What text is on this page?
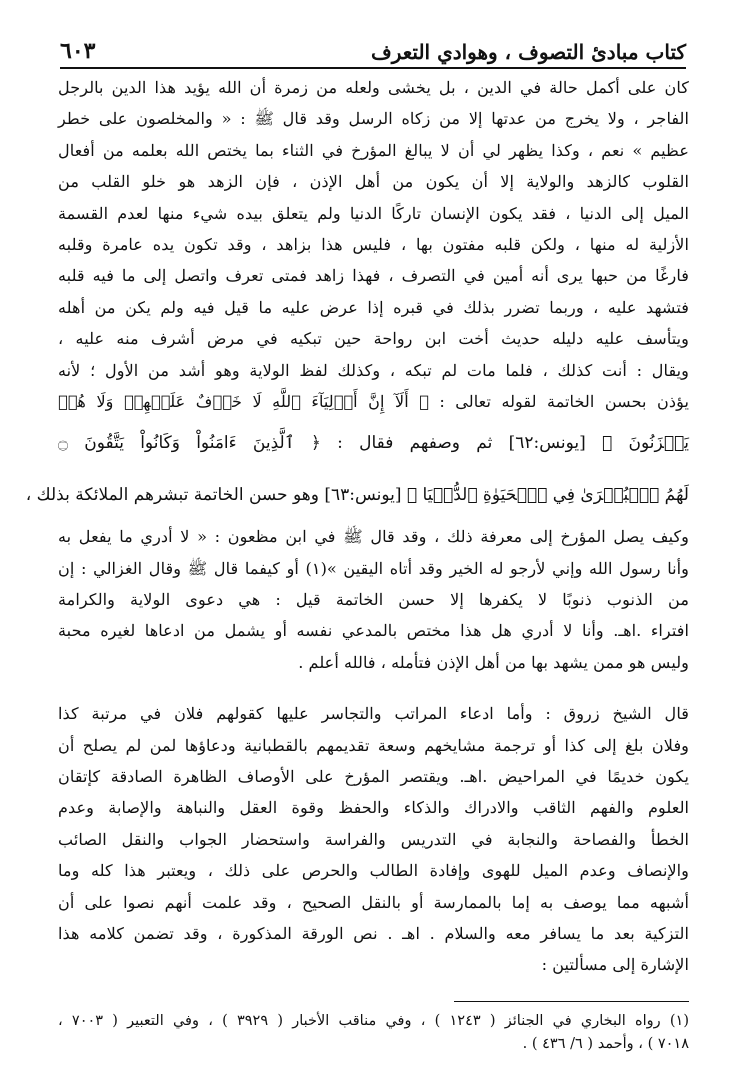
كتاب مبادئ التصوف ، وهوادي التعرف
٦٠٣
كان على أكمل حالة في الدين ، بل يخشى ولعله من زمرة أن الله يؤيد هذا الدين بالرجل
الفاجر ، ولا يخرج من عدتها إلا من زكاه الرسل وقد قال ﷺ : « والمخلصون على خطر
عظيم » نعم ، وكذا يظهر لي أن لا يبالغ المؤرخ في الثناء بما يختص الله بعلمه من أفعال
القلوب كالزهد والولاية إلا أن يكون من أهل الإذن ، فإن الزهد هو خلو القلب من
الميل إلى الدنيا ، فقد يكون الإنسان تاركًا الدنيا ولم يتعلق بيده شيء منها لعدم القسمة
الأزلية له منها ، ولكن قلبه مفتون بها ، فليس هذا بزاهد ، وقد تكون يده عامرة وقلبه
فارغًا من حبها يرى أنه أمين في التصرف ، فهذا زاهد فمتى تعرف واتصل إلى ما فيه قلبه
فتشهد عليه ، وربما تضرر بذلك في قبره إذا عرض عليه ما قيل فيه ولم يكن من أهله
ويتأسف عليه دليله حديث أخت ابن رواحة حين تبكيه في مرض أشرف منه عليه ،
ويقال : أنت كذلك ، فلما مات لم تبكه ، وكذلك لفظ الولاية وهو أشد من الأول ؛ لأنه
يؤذن بحسن الخاتمة لقوله تعالى : ﴿ أَلَآ إِنَّ أَوۡلِيَآءَ ٱللَّهِ لَا خَوۡفٌ عَلَيۡهِمۡ وَلَا هُمۡ
يَحۡزَنُونَ ﴾ [يونس:٦٢] ثم وصفهم فقال : ﴿ ٱلَّذِينَ ءَامَنُواْ وَكَانُواْ يَتَّقُونَ ۝
لَهُمُ ٱلۡبُشۡرَىٰ فِي ٱلۡحَيَوٰةِ ٱلدُّنۡيَا ﴾ [يونس:٦٣] وهو حسن الخاتمة تبشرهم الملائكة بذلك ،
وكيف يصل المؤرخ إلى معرفة ذلك ، وقد قال ﷺ في ابن مظعون : « لا أدري ما يفعل به
وأنا رسول الله وإني لأرجو له الخير وقد أتاه اليقين »(١) أو كيفما قال ﷺ وقال الغزالي : إن
من الذنوب ذنوبًا لا يكفرها إلا حسن الخاتمة قيل : هي دعوى الولاية والكرامة
افتراء .اهـ. وأنا لا أدري هل هذا مختص بالمدعي نفسه أو يشمل من ادعاها لغيره محبة
وليس هو ممن يشهد بها من أهل الإذن فتأمله ، فالله أعلم .
قال الشيخ زروق : وأما ادعاء المراتب والتجاسر عليها كقولهم فلان في مرتبة كذا
وفلان بلغ إلى كذا أو ترجمة مشايخهم وسعة تقديمهم بالقطبانية ودعاؤها لمن لم يصلح أن
يكون خديمًا في المراحيض .اهـ. ويقتصر المؤرخ على الأوصاف الظاهرة الصادقة كإتقان
العلوم والفهم الثاقب والادراك والذكاء والحفظ وقوة العقل والنباهة والإصابة وعدم
الخطأ والفصاحة والنجابة في التدريس والفراسة واستحضار الجواب والنقل الصائب
والإنصاف وعدم الميل للهوى وإفادة الطالب والحرص على ذلك ، ويعتبر هذا كله وما
أشبهه مما يوصف به إما بالممارسة أو بالنقل الصحيح ، وقد علمت أنهم نصوا على أن
التزكية بعد ما يسافر معه والسلام . اهـ . نص الورقة المذكورة ، وقد تضمن كلامه هذا
الإشارة إلى مسألتين :
(١) رواه البخاري في الجنائز ( ١٢٤٣ ) ، وفي مناقب الأخبار ( ٣٩٢٩ ) ، وفي التعبير ( ٧٠٠٣ ،
٧٠١٨ ) ، وأحمد ( ٦/ ٤٣٦ ) .
